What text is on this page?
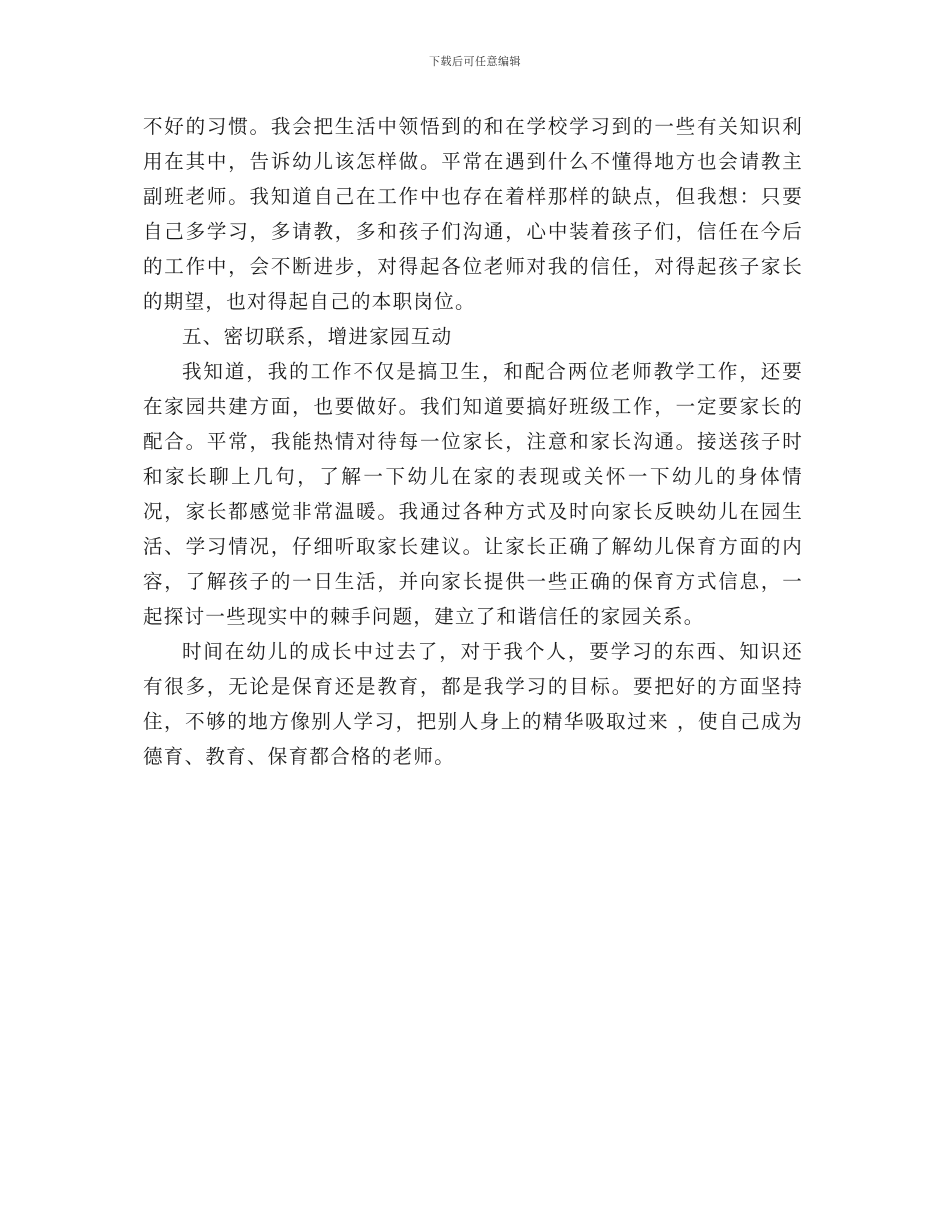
下载后可任意编辑

不好的习惯。我会把生活中领悟到的和在学校学习到的一些有关知识利用在其中，告诉幼儿该怎样做。平常在遇到什么不懂得地方也会请教主副班老师。我知道自己在工作中也存在着样那样的缺点，但我想：只要自己多学习，多请教，多和孩子们沟通，心中装着孩子们，信任在今后的工作中，会不断进步，对得起各位老师对我的信任，对得起孩子家长的期望，也对得起自己的本职岗位。

五、密切联系，增进家园互动

我知道，我的工作不仅是搞卫生，和配合两位老师教学工作，还要在家园共建方面，也要做好。我们知道要搞好班级工作，一定要家长的配合。平常，我能热情对待每一位家长，注意和家长沟通。接送孩子时和家长聊上几句，了解一下幼儿在家的表现或关怀一下幼儿的身体情况，家长都感觉非常温暖。我通过各种方式及时向家长反映幼儿在园生活、学习情况，仔细听取家长建议。让家长正确了解幼儿保育方面的内容，了解孩子的一日生活，并向家长提供一些正确的保育方式信息，一起探讨一些现实中的棘手问题，建立了和谐信任的家园关系。

时间在幼儿的成长中过去了，对于我个人，要学习的东西、知识还有很多，无论是保育还是教育，都是我学习的目标。要把好的方面坚持住，不够的地方像别人学习，把别人身上的精华吸取过来 ，使自己成为德育、教育、保育都合格的老师。
